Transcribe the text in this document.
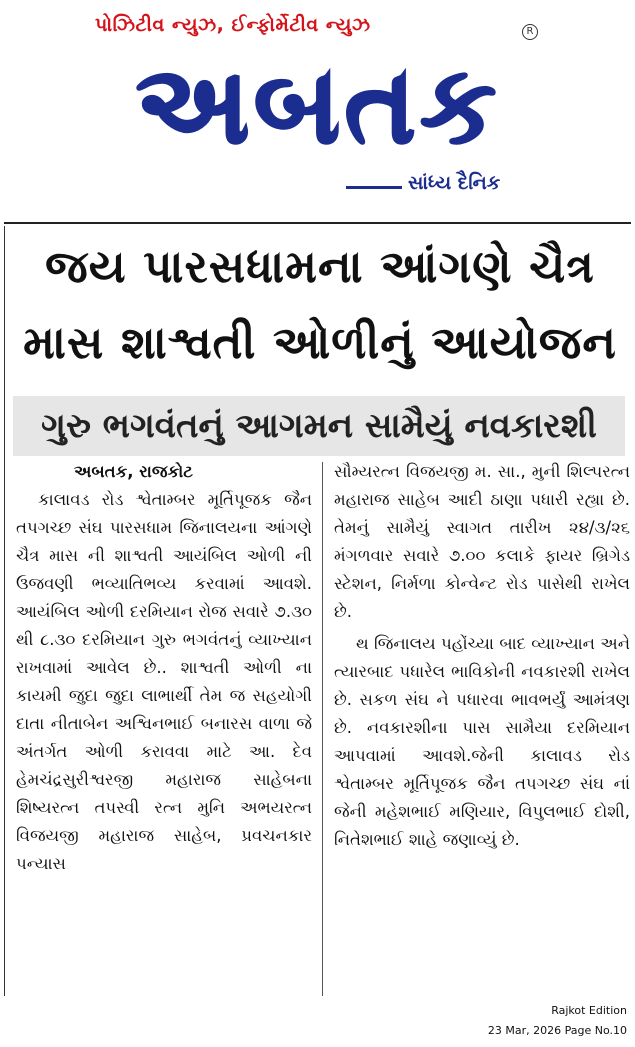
પોઝિટીવ ન્યુઝ, ઈન્ફોર્મેટીવ ન્યુઝ	R
અબતક
સાંધ્ય દૈનિક
જય પારસધામના આંગણે ચૈત્ર
માસ શાશ્વતી ઓળીનું આયોજન
ગુરુ ભગવંતનું આગમન સામૈયું નવકારશી
અબતક, રાજકોટ
કાલાવડ રોડ શ્વેતામ્બર મૂર્તિપૂજક જૈન તપગચ્છ સંઘ પારસધામ જિનાલયના આંગણે ચૈત્ર માસ ની શાશ્વતી આયંબિલ ઓળી ની ઉજવણી ભવ્યાતિભવ્ય કરવામાં આવશે. આયંબિલ ઓળી દરમિયાન રોજ સવારે ૭.૩૦ થી ૮.૩૦ દરમિયાન ગુરુ ભગવંતનું વ્યાખ્યાન રાખવામાં આવેલ છે.. શાશ્વતી ઓળી ના કાયમી જુદા જુદા લાભાર્થી તેમ જ સહયોગી દાતા નીતાબેન અશ્વિનભાઈ બનારસ વાળા જે અંતર્ગત ઓળી કરાવવા માટે આ. દેવ હેમચંદ્રસુરીશ્વરજી મહારાજ સાહેબના શિષ્યરત્ન તપસ્વી રત્ન મુનિ અભયરત્ન વિજયજી મહારાજ સાહેબ, પ્રવચનકાર પન્યાસ
સૌમ્યરત્ન વિજયજી મ. સા., મુની શિલ્પરત્ન મહારાજ સાહેબ આદી ઠાણા પધારી રહ્યા છે. તેમનું સામૈયું સ્વાગત તારીખ ૨૪/૩/૨૬ મંગળવાર સવારે ૭.૦૦ કલાકે ફાયર બ્રિગેડ સ્ટેશન, નિર્મળા કોન્વેન્ટ રોડ પાસેથી રાખેલ છે.
થ જિનાલય પહોંચ્યા બાદ વ્યાખ્યાન અને ત્યારબાદ પધારેલ ભાવિકોની નવકારશી રાખેલ છે. સકળ સંઘ ને પધારવા ભાવભર્યું આમંત્રણ છે. નવકારશીના પાસ સામૈયા દરમિયાન આપવામાં આવશે.જેની કાલાવડ રોડ શ્વેતામ્બર મૂર્તિપૂજક જૈન તપગચ્છ સંઘ નાં જેની મહેશભાઈ મણિયાર, વિપુલભાઈ દોશી, નિતેશભાઈ શાહે જણાવ્યું છે.
Rajkot Edition
23 Mar, 2026 Page No.10
